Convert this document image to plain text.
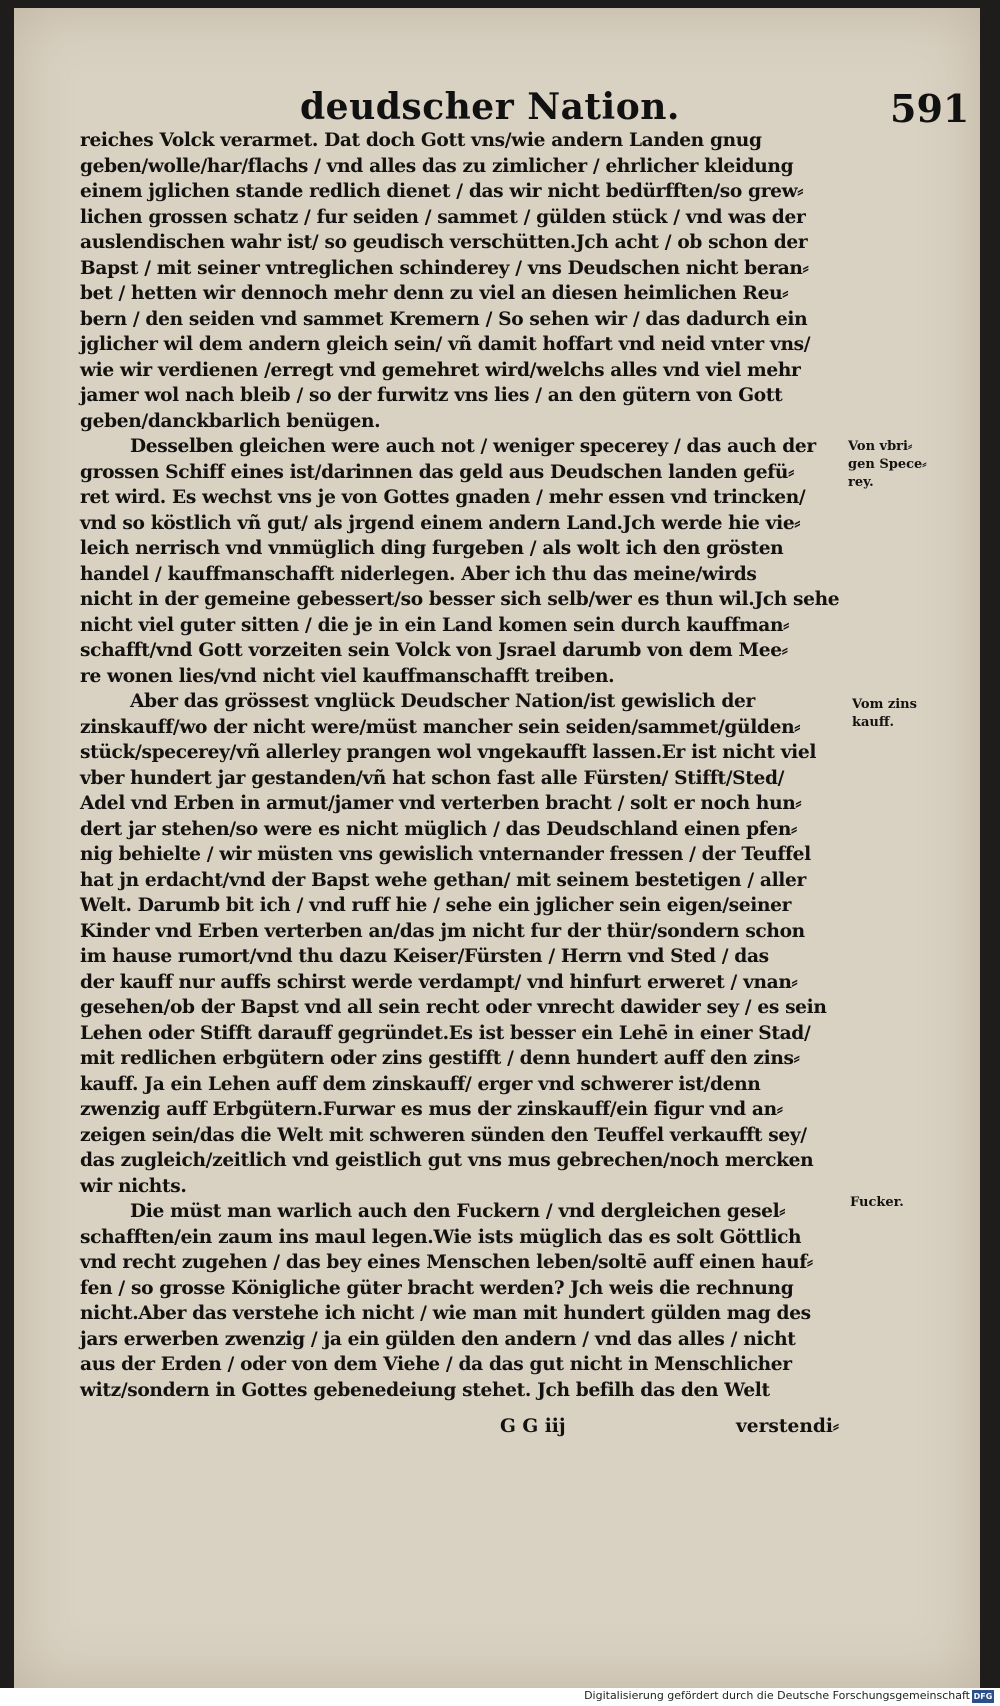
deudscher Nation.	591
reiches Volck verarmet. Dat doch Gott vns/wie andern Landen gnug
geben/wolle/har/flachs / vnd alles das zu zimlicher / ehrlicher kleidung
einem jglichen stande redlich dienet / das wir nicht bedürfften/so grew⸗
lichen grossen schatz / fur seiden / sammet / gülden stück / vnd was der
auslendischen wahr ist/ so geudisch verschütten.Jch acht / ob schon der
Bapst / mit seiner vntreglichen schinderey / vns Deudschen nicht beran⸗
bet / hetten wir dennoch mehr denn zu viel an diesen heimlichen Reu⸗
bern / den seiden vnd sammet Kremern / So sehen wir / das dadurch ein
jglicher wil dem andern gleich sein/ vñ damit hoffart vnd neid vnter vns/
wie wir verdienen /erregt vnd gemehret wird/welchs alles vnd viel mehr
jamer wol nach bleib / so der furwitz vns lies / an den gütern von Gott
geben/danckbarlich benügen.
Desselben gleichen were auch not / weniger specerey / das auch der
grossen Schiff eines ist/darinnen das geld aus Deudschen landen gefü⸗
ret wird. Es wechst vns je von Gottes gnaden / mehr essen vnd trincken/
vnd so köstlich vñ gut/ als jrgend einem andern Land.Jch werde hie vie⸗
leich nerrisch vnd vnmüglich ding furgeben / als wolt ich den grösten
handel / kauffmanschafft niderlegen. Aber ich thu das meine/wirds
nicht in der gemeine gebessert/so besser sich selb/wer es thun wil.Jch sehe
nicht viel guter sitten / die je in ein Land komen sein durch kauffman⸗
schafft/vnd Gott vorzeiten sein Volck von Jsrael darumb von dem Mee⸗
re wonen lies/vnd nicht viel kauffmanschafft treiben.
Aber das grössest vnglück Deudscher Nation/ist gewislich der
zinskauff/wo der nicht were/müst mancher sein seiden/sammet/gülden⸗
stück/specerey/vñ allerley prangen wol vngekaufft lassen.Er ist nicht viel
vber hundert jar gestanden/vñ hat schon fast alle Fürsten/ Stifft/Sted/
Adel vnd Erben in armut/jamer vnd verterben bracht / solt er noch hun⸗
dert jar stehen/so were es nicht müglich / das Deudschland einen pfen⸗
nig behielte / wir müsten vns gewislich vnternander fressen / der Teuffel
hat jn erdacht/vnd der Bapst wehe gethan/ mit seinem bestetigen / aller
Welt. Darumb bit ich / vnd ruff hie / sehe ein jglicher sein eigen/seiner
Kinder vnd Erben verterben an/das jm nicht fur der thür/sondern schon
im hause rumort/vnd thu dazu Keiser/Fürsten / Herrn vnd Sted / das
der kauff nur auffs schirst werde verdampt/ vnd hinfurt erweret / vnan⸗
gesehen/ob der Bapst vnd all sein recht oder vnrecht dawider sey / es sein
Lehen oder Stifft darauff gegründet.Es ist besser ein Lehē in einer Stad/
mit redlichen erbgütern oder zins gestifft / denn hundert auff den zins⸗
kauff. Ja ein Lehen auff dem zinskauff/ erger vnd schwerer ist/denn
zwenzig auff Erbgütern.Furwar es mus der zinskauff/ein figur vnd an⸗
zeigen sein/das die Welt mit schweren sünden den Teuffel verkaufft sey/
das zugleich/zeitlich vnd geistlich gut vns mus gebrechen/noch mercken
wir nichts.
Die müst man warlich auch den Fuckern / vnd dergleichen gesel⸗
schafften/ein zaum ins maul legen.Wie ists müglich das es solt Göttlich
vnd recht zugehen / das bey eines Menschen leben/soltē auff einen hauf⸗
fen / so grosse Königliche güter bracht werden? Jch weis die rechnung
nicht.Aber das verstehe ich nicht / wie man mit hundert gülden mag des
jars erwerben zwenzig / ja ein gülden den andern / vnd das alles / nicht
aus der Erden / oder von dem Viehe / da das gut nicht in Menschlicher
witz/sondern in Gottes gebenedeiung stehet. Jch befilh das den Welt
Von vbri⸗
gen Spece⸗
rey.
Vom zins
kauff.
Fucker.
G G iij	verstendi⸗
Digitalisierung gefördert durch die Deutsche Forschungsgemeinschaft DFG
